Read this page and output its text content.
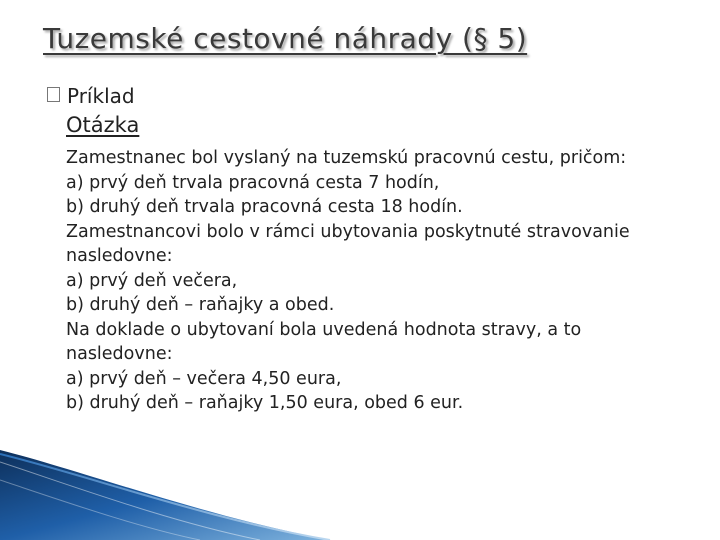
Tuzemské cestovné náhrady (§ 5)
Príklad
Otázka
Zamestnanec bol vyslaný na tuzemskú pracovnú cestu, pričom:
a) prvý deň trvala pracovná cesta 7 hodín,
b) druhý deň trvala pracovná cesta 18 hodín.
Zamestnancovi bolo v rámci ubytovania poskytnuté stravovanie
nasledovne:
a) prvý deň večera,
b) druhý deň – raňajky a obed.
Na doklade o ubytovaní bola uvedená hodnota stravy, a to
nasledovne:
a) prvý deň – večera 4,50 eura,
b) druhý deň – raňajky 1,50 eura, obed 6 eur.
